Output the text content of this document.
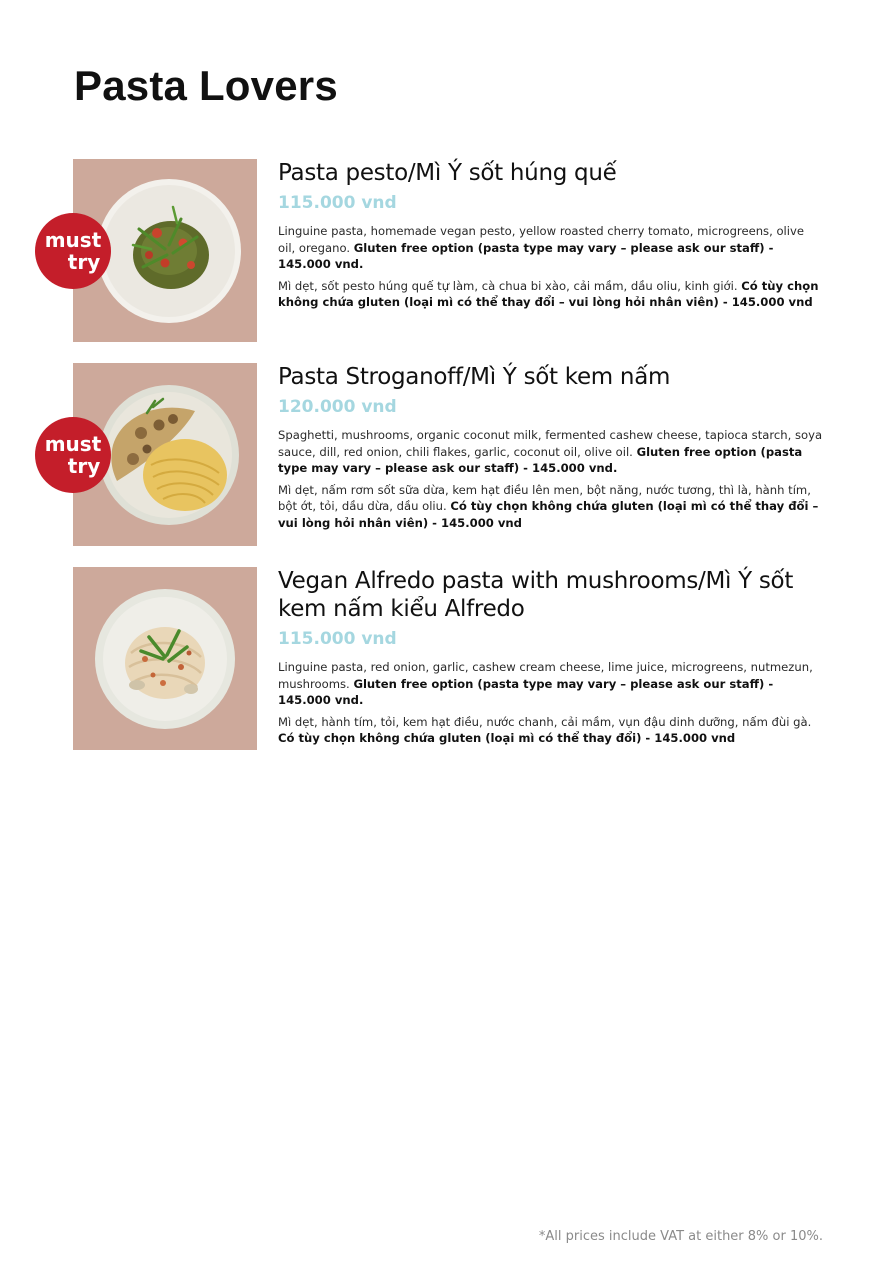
Pasta Lovers
must
try
Pasta pesto/Mì Ý sốt húng quế
115.000 vnd

Linguine pasta, homemade vegan pesto, yellow roasted cherry tomato, microgreens, olive oil, oregano. Gluten free option (pasta type may vary – please ask our staff) - 145.000 vnd.

Mì dẹt, sốt pesto húng quế tự làm, cà chua bi xào, cải mầm, dầu oliu, kinh giới. Có tùy chọn không chứa gluten (loại mì có thể thay đổi – vui lòng hỏi nhân viên) - 145.000 vnd

must
try
Pasta Stroganoff/Mì Ý sốt kem nấm
120.000 vnd

Spaghetti, mushrooms, organic coconut milk, fermented cashew cheese, tapioca starch, soya sauce, dill, red onion, chili flakes, garlic, coconut oil, olive oil. Gluten free option (pasta type may vary – please ask our staff) - 145.000 vnd.

Mì dẹt, nấm rơm sốt sữa dừa, kem hạt điều lên men, bột năng, nước tương, thì là, hành tím, bột ớt, tỏi, dầu dừa, dầu oliu. Có tùy chọn không chứa gluten (loại mì có thể thay đổi – vui lòng hỏi nhân viên) - 145.000 vnd

Vegan Alfredo pasta with mushrooms/Mì Ý sốt kem nấm kiểu Alfredo
115.000 vnd

Linguine pasta, red onion, garlic, cashew cream cheese, lime juice, microgreens, nutmezun, mushrooms. Gluten free option (pasta type may vary – please ask our staff) - 145.000 vnd.

Mì dẹt, hành tím, tỏi, kem hạt điều, nước chanh, cải mầm, vụn đậu dinh dưỡng, nấm đùi gà. Có tùy chọn không chứa gluten (loại mì có thể thay đổi) - 145.000 vnd

*All prices include VAT at either 8% or 10%.
